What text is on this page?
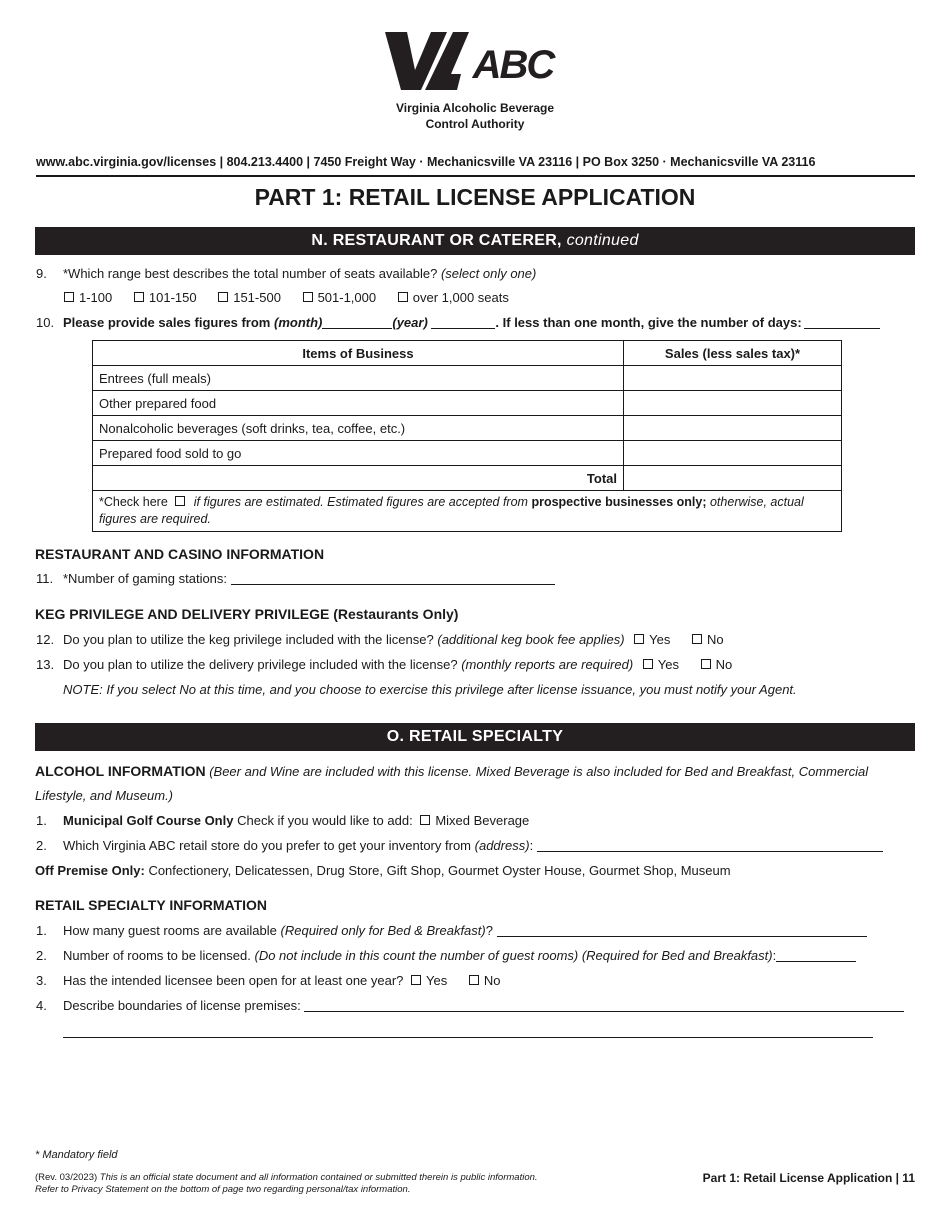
ABC
Virginia Alcoholic Beverage
Control Authority
www.abc.virginia.gov/licenses | 804.213.4400 | 7450 Freight Way · Mechanicsville VA 23116 | PO Box 3250 · Mechanicsville VA 23116
PART 1: RETAIL LICENSE APPLICATION
N. RESTAURANT OR CATERER, continued
9. *Which range best describes the total number of seats available? (select only one)
1-100	101-150	151-500	501-1,000	over 1,000 seats
10. Please provide sales figures from (month)	(year)	. If less than one month, give the number of days:
Items of Business	Sales (less sales tax)*
Entrees (full meals)	
Other prepared food	
Nonalcoholic beverages (soft drinks, tea, coffee, etc.)	
Prepared food sold to go	
Total	
*Check here if figures are estimated. Estimated figures are accepted from prospective businesses only; otherwise, actual figures are required.	
RESTAURANT AND CASINO INFORMATION
11. *Number of gaming stations:
KEG PRIVILEGE AND DELIVERY PRIVILEGE (Restaurants Only)
12. Do you plan to utilize the keg privilege included with the license? (additional keg book fee applies) Yes	No
13. Do you plan to utilize the delivery privilege included with the license? (monthly reports are required) Yes	No
NOTE: If you select No at this time, and you choose to exercise this privilege after license issuance, you must notify your Agent.
O. RETAIL SPECIALTY
ALCOHOL INFORMATION (Beer and Wine are included with this license. Mixed Beverage is also included for Bed and Breakfast, Commercial
Lifestyle, and Museum.)
1. Municipal Golf Course Only Check if you would like to add: Mixed Beverage
2. Which Virginia ABC retail store do you prefer to get your inventory from (address):
Off Premise Only: Confectionery, Delicatessen, Drug Store, Gift Shop, Gourmet Oyster House, Gourmet Shop, Museum
RETAIL SPECIALTY INFORMATION
1. How many guest rooms are available (Required only for Bed & Breakfast)?
2. Number of rooms to be licensed. (Do not include in this count the number of guest rooms) (Required for Bed and Breakfast):
3. Has the intended licensee been open for at least one year? Yes	No
4. Describe boundaries of license premises:
* Mandatory field
(Rev. 03/2023) This is an official state document and all information contained or submitted therein is public information.
Refer to Privacy Statement on the bottom of page two regarding personal/tax information.
Part 1: Retail License Application | 11
